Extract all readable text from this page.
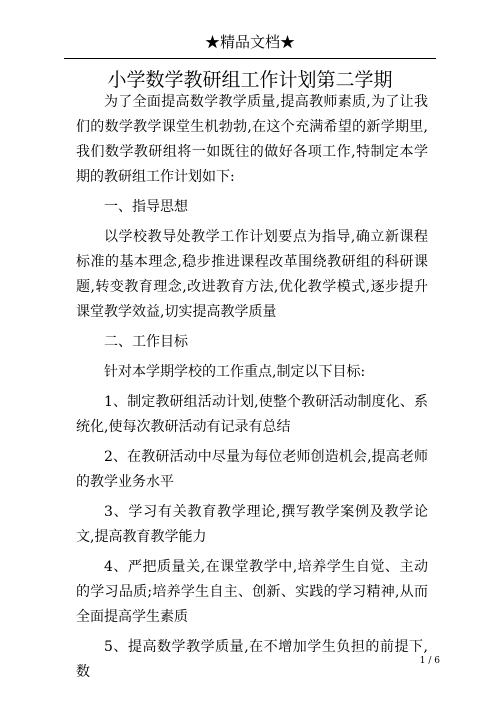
★精品文档★
小学数学教研组工作计划第二学期

为了全面提高数学教学质量,提高教师素质,为了让我们的数学教学课堂生机勃勃,在这个充满希望的新学期里,我们数学教研组将一如既往的做好各项工作,特制定本学期的教研组工作计划如下:

一、指导思想

以学校教导处教学工作计划要点为指导,确立新课程标准的基本理念,稳步推进课程改革围绕教研组的科研课题,转变教育理念,改进教育方法,优化教学模式,逐步提升课堂教学效益,切实提高教学质量

二、工作目标

针对本学期学校的工作重点,制定以下目标:

1、制定教研组活动计划,使整个教研活动制度化、系统化,使每次教研活动有记录有总结

2、在教研活动中尽量为每位老师创造机会,提高老师的教学业务水平

3、学习有关教育教学理论,撰写教学案例及教学论文,提高教育教学能力

4、严把质量关,在课堂教学中,培养学生自觉、主动的学习品质;培养学生自主、创新、实践的学习精神,从而全面提高学生素质

5、提高数学教学质量,在不增加学生负担的前提下,数

1 / 6
